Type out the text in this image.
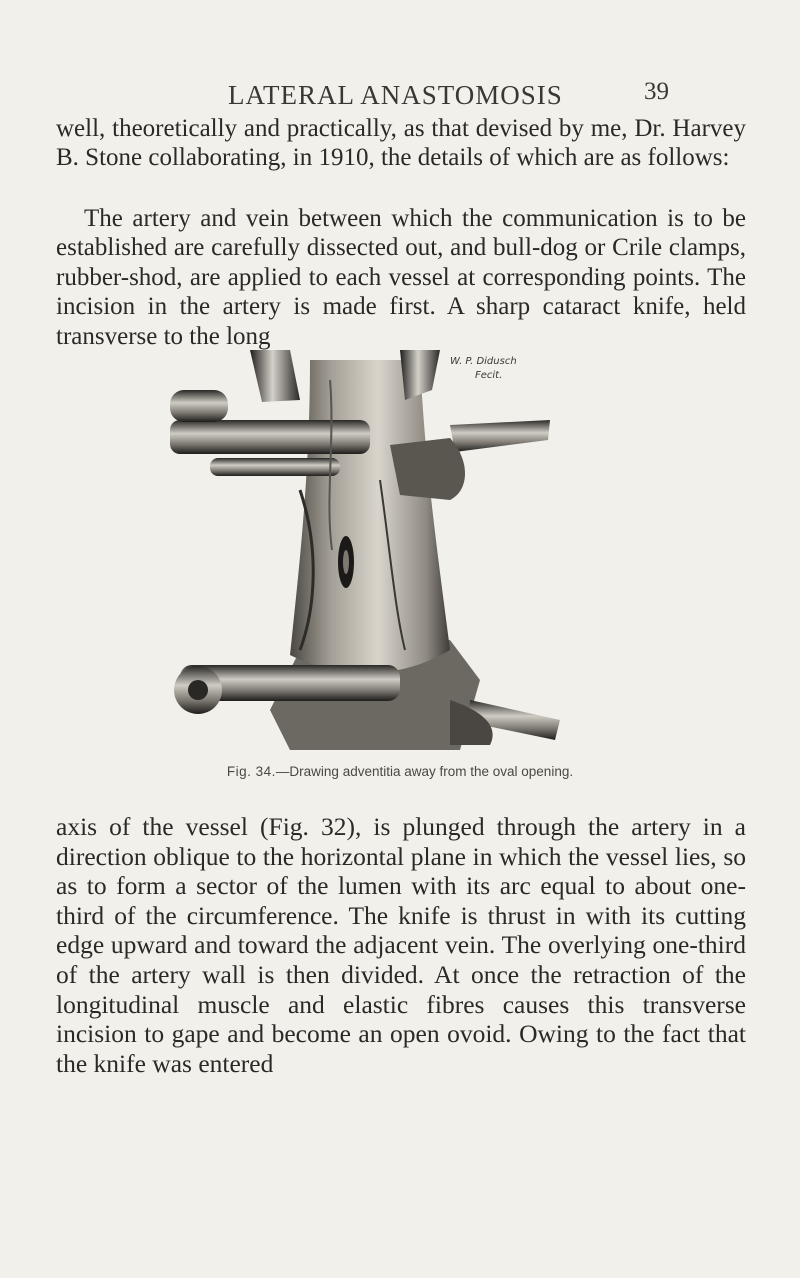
LATERAL ANASTOMOSIS	39

well, theoretically and practically, as that devised by me, Dr. Harvey B. Stone collaborating, in 1910, the details of which are as follows:

The artery and vein between which the communication is to be established are carefully dissected out, and bull-dog or Crile clamps, rubber-shod, are applied to each vessel at corresponding points. The incision in the artery is made first. A sharp cataract knife, held transverse to the long

W. P. Didusch
Fecit.
Fig. 34.—Drawing adventitia away from the oval opening.

axis of the vessel (Fig. 32), is plunged through the artery in a direction oblique to the horizontal plane in which the vessel lies, so as to form a sector of the lumen with its arc equal to about one-third of the circumference. The knife is thrust in with its cutting edge upward and toward the adjacent vein. The overlying one-third of the artery wall is then divided. At once the retraction of the longitudinal muscle and elastic fibres causes this transverse incision to gape and become an open ovoid. Owing to the fact that the knife was entered
